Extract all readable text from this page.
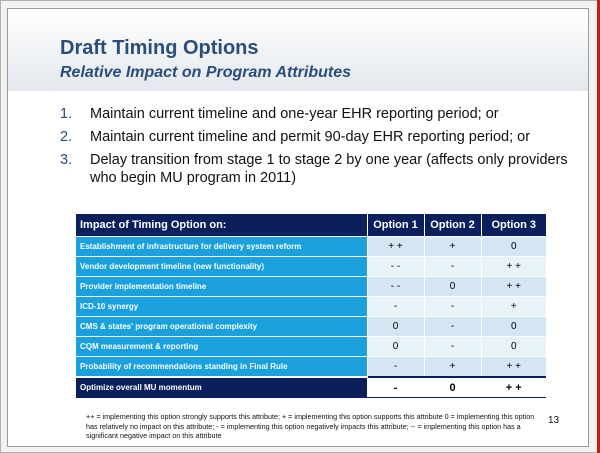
Draft Timing Options
Relative Impact on Program Attributes
1. Maintain current timeline and one-year EHR reporting period; or
2. Maintain current timeline and permit 90-day EHR reporting period; or
3. Delay transition from stage 1 to stage 2 by one year (affects only providers who begin MU program in 2011)
Impact of Timing Option on:	Option 1	Option 2	Option 3
Establishment of infrastructure for delivery system reform	+ +	+	0
Vendor development timeline (new functionality)	- -	-	+ +
Provider implementation timeline	- -	0	+ +
ICD-10 synergy	-	-	+
CMS & states' program operational complexity	0	-	0
CQM measurement & reporting	0	-	0
Probability of recommendations standing in Final Rule	-	+	+ +
Optimize overall MU momentum	-	0	+ +
++ = implementing this option strongly supports this attribute; + = implementing this option supports this attribute 0 = implementing this option has relatively no impact on this attribute; - = implementing this option negatively impacts this attribute; -- = implementing this option has a significant negative impact on this attribute
13
